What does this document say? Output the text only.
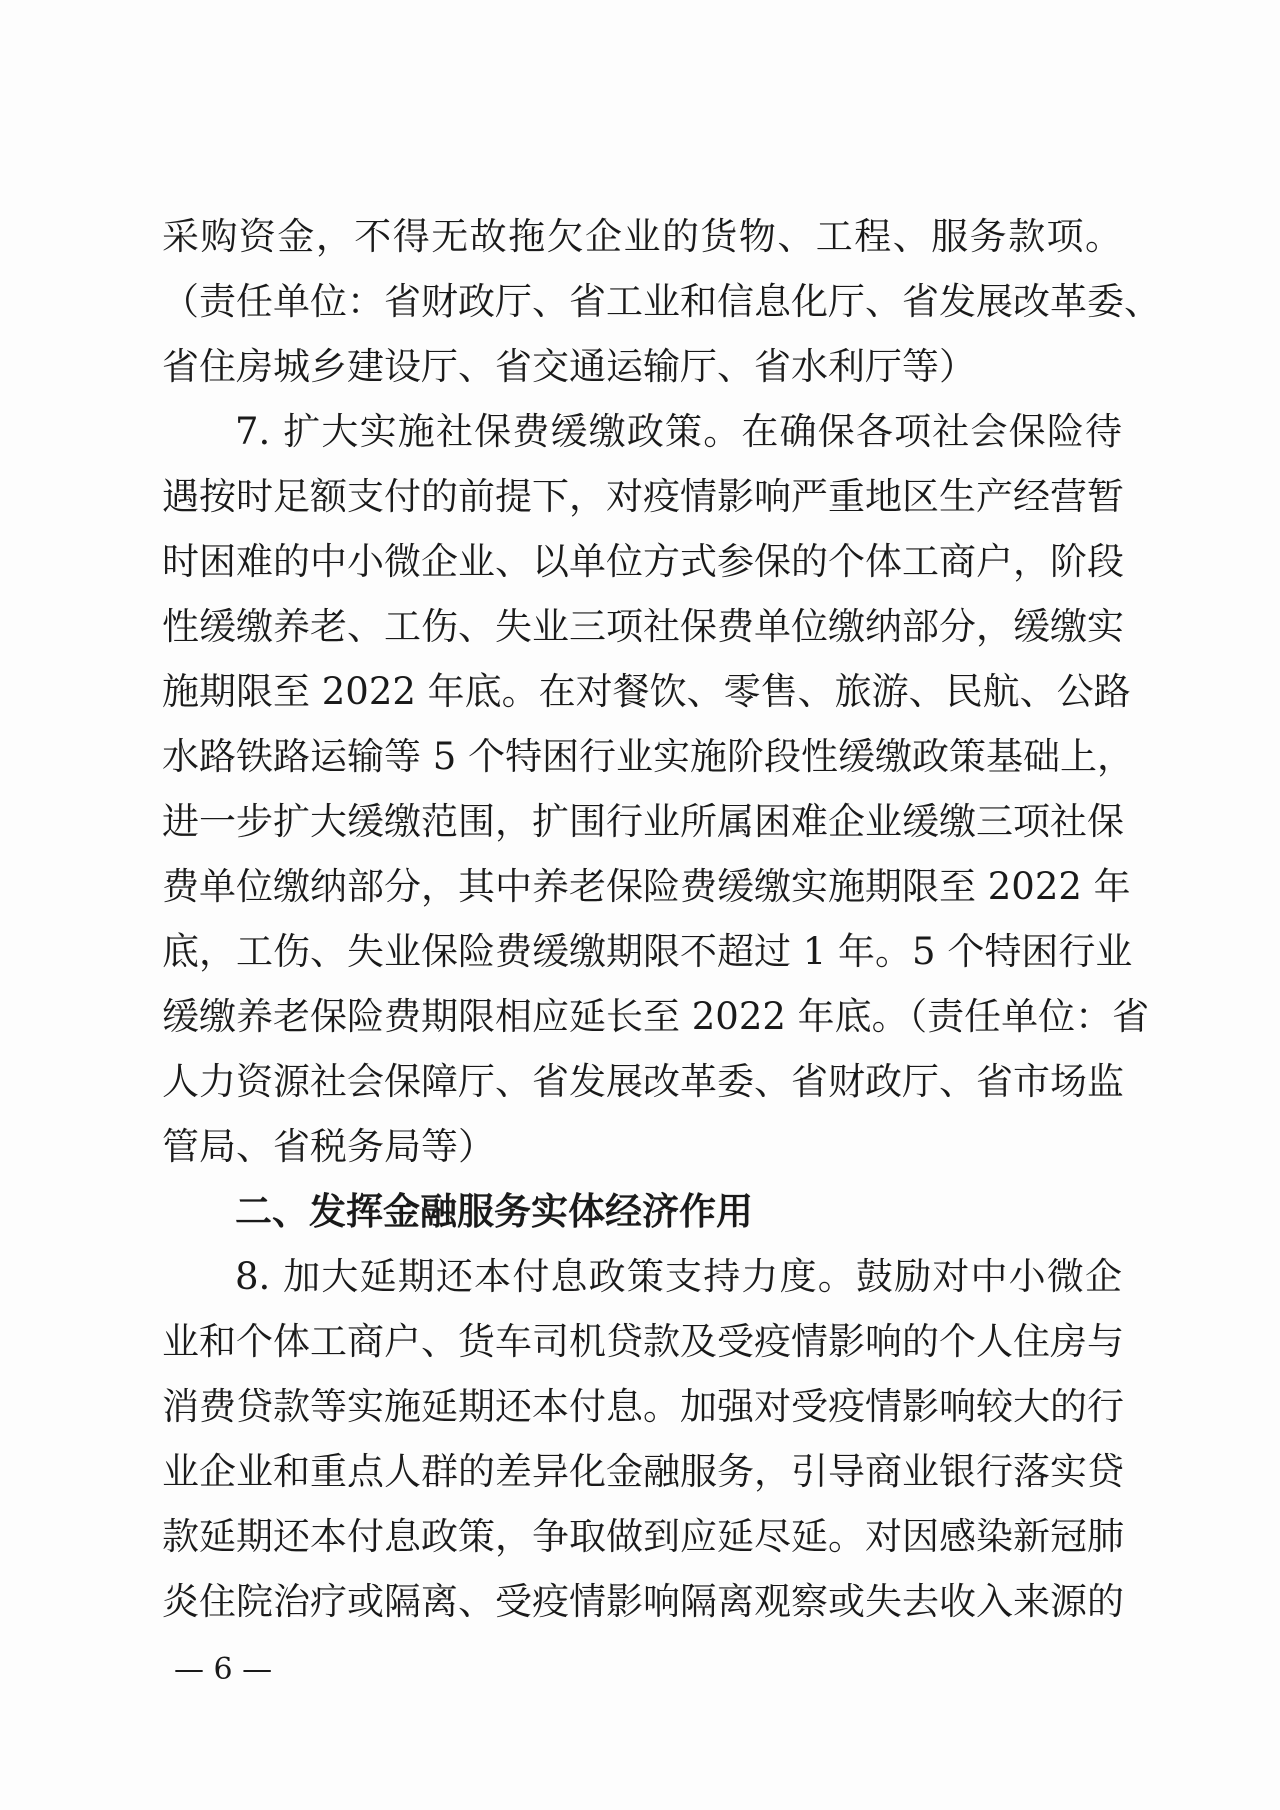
采购资金，不得无故拖欠企业的货物、工程、服务款项。
（责任单位：省财政厅、省工业和信息化厅、省发展改革委、
省住房城乡建设厅、省交通运输厅、省水利厅等）
7. 扩大实施社保费缓缴政策。在确保各项社会保险待
遇按时足额支付的前提下，对疫情影响严重地区生产经营暂
时困难的中小微企业、以单位方式参保的个体工商户，阶段
性缓缴养老、工伤、失业三项社保费单位缴纳部分，缓缴实
施期限至 2022 年底。在对餐饮、零售、旅游、民航、公路
水路铁路运输等 5 个特困行业实施阶段性缓缴政策基础上，
进一步扩大缓缴范围，扩围行业所属困难企业缓缴三项社保
费单位缴纳部分，其中养老保险费缓缴实施期限至 2022 年
底，工伤、失业保险费缓缴期限不超过 1 年。5 个特困行业
缓缴养老保险费期限相应延长至 2022 年底。（责任单位：省
人力资源社会保障厅、省发展改革委、省财政厅、省市场监
管局、省税务局等）
二、发挥金融服务实体经济作用
8. 加大延期还本付息政策支持力度。鼓励对中小微企
业和个体工商户、货车司机贷款及受疫情影响的个人住房与
消费贷款等实施延期还本付息。加强对受疫情影响较大的行
业企业和重点人群的差异化金融服务，引导商业银行落实贷
款延期还本付息政策，争取做到应延尽延。对因感染新冠肺
炎住院治疗或隔离、受疫情影响隔离观察或失去收入来源的
— 6 —
